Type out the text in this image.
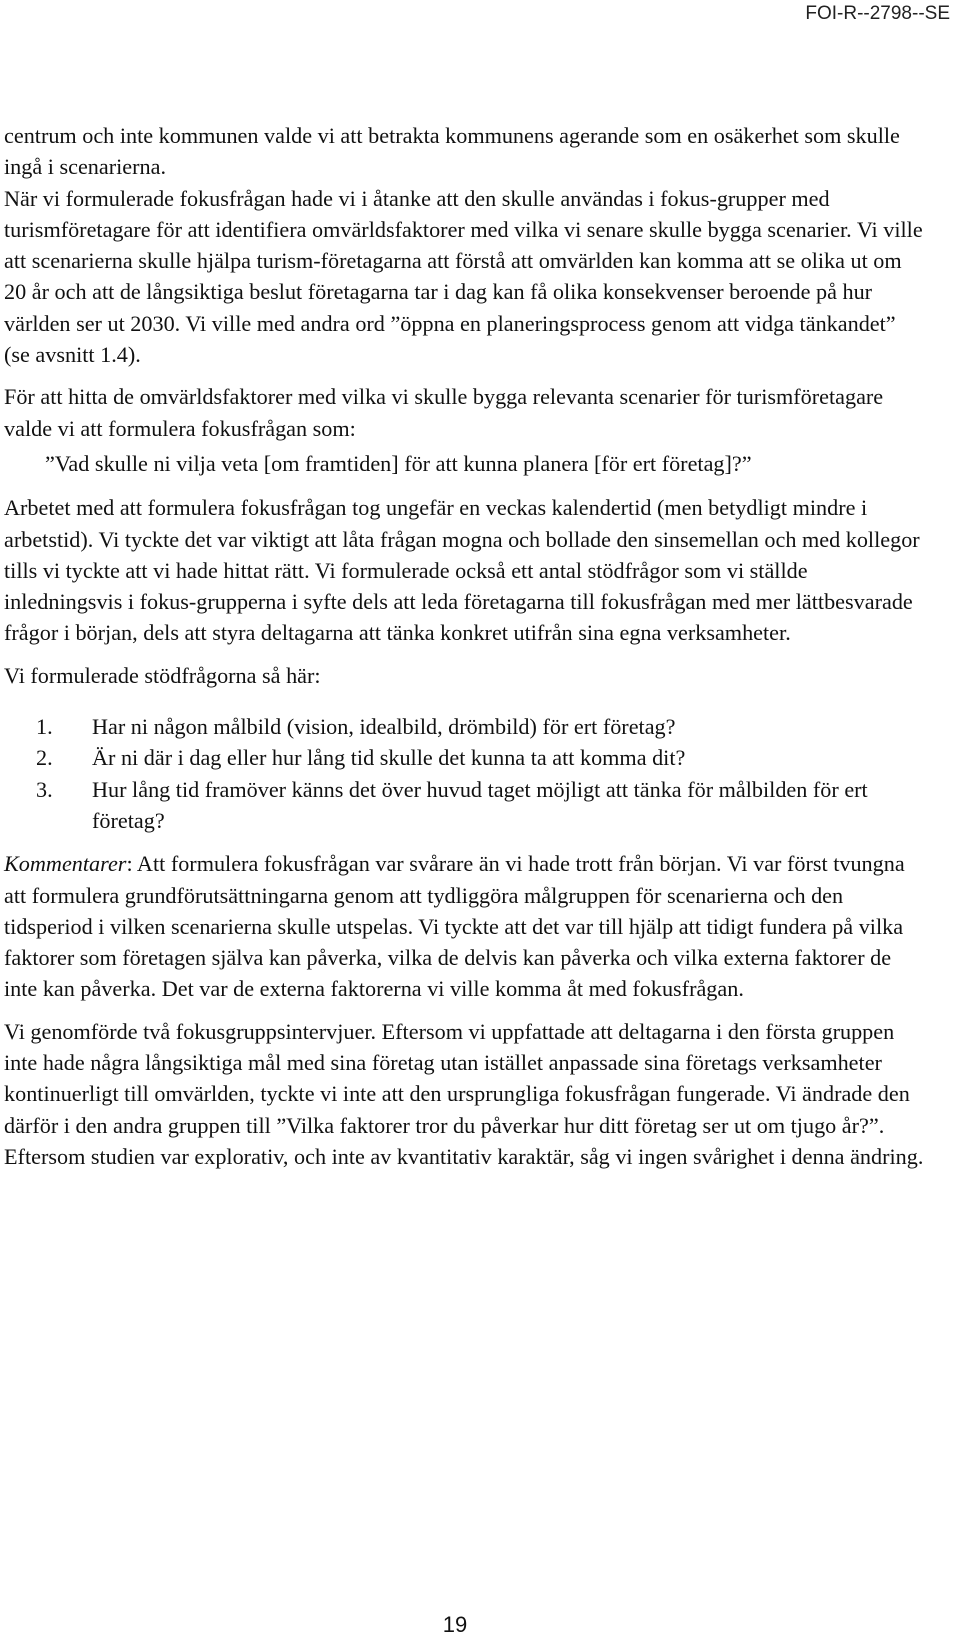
FOI-R--2798--SE

centrum och inte kommunen valde vi att betrakta kommunens agerande som en osäkerhet som skulle ingå i scenarierna.

När vi formulerade fokusfrågan hade vi i åtanke att den skulle användas i fokus-grupper med turismföretagare för att identifiera omvärldsfaktorer med vilka vi senare skulle bygga scenarier. Vi ville att scenarierna skulle hjälpa turism-företagarna att förstå att omvärlden kan komma att se olika ut om 20 år och att de långsiktiga beslut företagarna tar i dag kan få olika konsekvenser beroende på hur världen ser ut 2030. Vi ville med andra ord ”öppna en planeringsprocess genom att vidga tänkandet” (se avsnitt 1.4).

För att hitta de omvärldsfaktorer med vilka vi skulle bygga relevanta scenarier för turismföretagare valde vi att formulera fokusfrågan som:

”Vad skulle ni vilja veta [om framtiden] för att kunna planera [för ert företag]?”

Arbetet med att formulera fokusfrågan tog ungefär en veckas kalendertid (men betydligt mindre i arbetstid). Vi tyckte det var viktigt att låta frågan mogna och bollade den sinsemellan och med kollegor tills vi tyckte att vi hade hittat rätt. Vi formulerade också ett antal stödfrågor som vi ställde inledningsvis i fokus-grupperna i syfte dels att leda företagarna till fokusfrågan med mer lättbesvarade frågor i början, dels att styra deltagarna att tänka konkret utifrån sina egna verksamheter.

Vi formulerade stödfrågorna så här:

1.	Har ni någon målbild (vision, idealbild, drömbild) för ert företag?
2.	Är ni där i dag eller hur lång tid skulle det kunna ta att komma dit?
3.	Hur lång tid framöver känns det över huvud taget möjligt att tänka för målbilden för ert företag?

Kommentarer: Att formulera fokusfrågan var svårare än vi hade trott från början. Vi var först tvungna att formulera grundförutsättningarna genom att tydliggöra målgruppen för scenarierna och den tidsperiod i vilken scenarierna skulle utspelas. Vi tyckte att det var till hjälp att tidigt fundera på vilka faktorer som företagen själva kan påverka, vilka de delvis kan påverka och vilka externa faktorer de inte kan påverka. Det var de externa faktorerna vi ville komma åt med fokusfrågan.

Vi genomförde två fokusgruppsintervjuer. Eftersom vi uppfattade att deltagarna i den första gruppen inte hade några långsiktiga mål med sina företag utan istället anpassade sina företags verksamheter kontinuerligt till omvärlden, tyckte vi inte att den ursprungliga fokusfrågan fungerade. Vi ändrade den därför i den andra gruppen till ”Vilka faktorer tror du påverkar hur ditt företag ser ut om tjugo år?”. Eftersom studien var explorativ, och inte av kvantitativ karaktär, såg vi ingen svårighet i denna ändring.

19
